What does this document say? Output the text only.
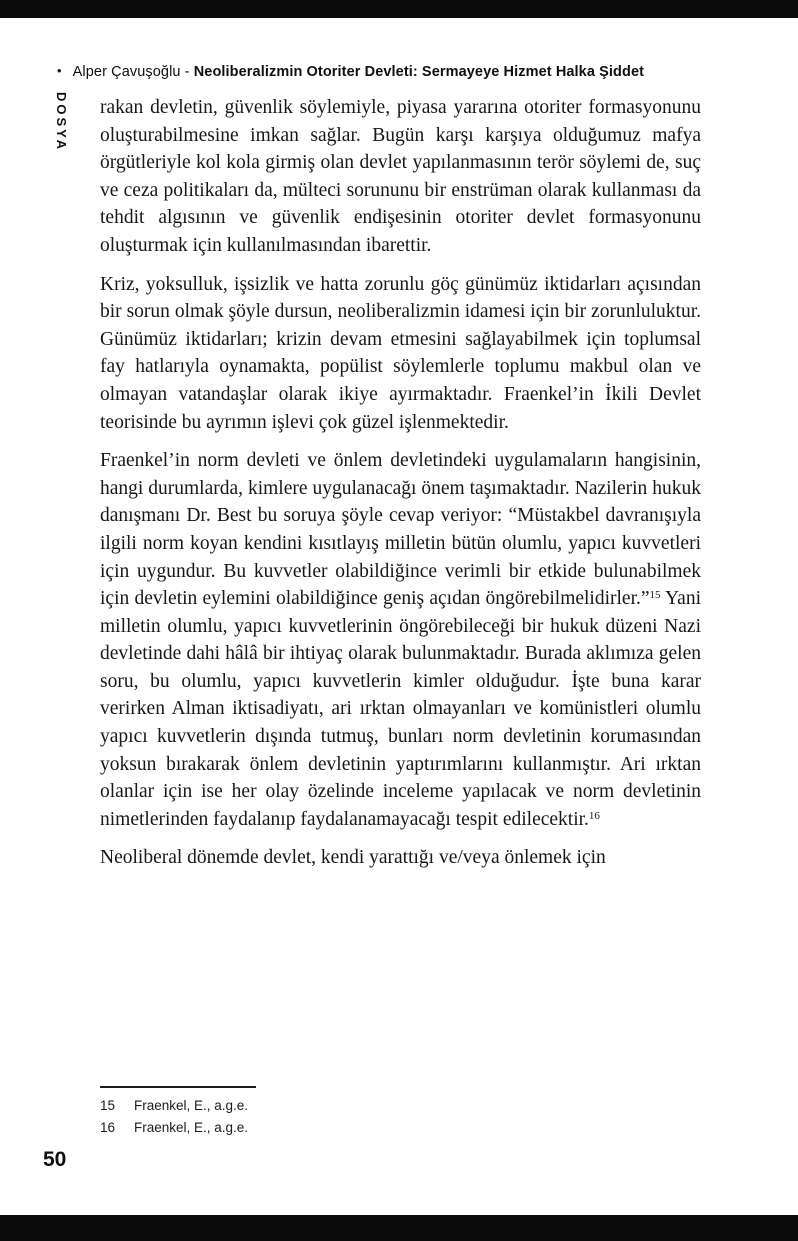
• Alper Çavuşoğlu - Neoliberalizmin Otoriter Devleti: Sermayeye Hizmet Halka Şiddet
DOSYA rakan devletin, güvenlik söylemiyle, piyasa yararına otoriter formasyonunu oluşturabilmesine imkan sağlar. Bugün karşı karşıya olduğumuz mafya örgütleriyle kol kola girmiş olan devlet yapılanmasının terör söylemi de, suç ve ceza politikaları da, mülteci sorununu bir enstrüman olarak kullanması da tehdit algısının ve güvenlik endişesinin otoriter devlet formasyonunu oluşturmak için kullanılmasından ibarettir.

Kriz, yoksulluk, işsizlik ve hatta zorunlu göç günümüz iktidarları açısından bir sorun olmak şöyle dursun, neoliberalizmin idamesi için bir zorunluluktur. Günümüz iktidarları; krizin devam etmesini sağlayabilmek için toplumsal fay hatlarıyla oynamakta, popülist söylemlerle toplumu makbul olan ve olmayan vatandaşlar olarak ikiye ayırmaktadır. Fraenkel’in İkili Devlet teorisinde bu ayrımın işlevi çok güzel işlenmektedir.

Fraenkel’in norm devleti ve önlem devletindeki uygulamaların hangisinin, hangi durumlarda, kimlere uygulanacağı önem taşımaktadır. Nazilerin hukuk danışmanı Dr. Best bu soruya şöyle cevap veriyor: “Müstakbel davranışıyla ilgili norm koyan kendini kısıtlayış milletin bütün olumlu, yapıcı kuvvetleri için uygundur. Bu kuvvetler olabildiğince verimli bir etkide bulunabilmek için devletin eylemini olabildiğince geniş açıdan öngörebilmelidirler.”$^{15}$ Yani milletin olumlu, yapıcı kuvvetlerinin öngörebileceği bir hukuk düzeni Nazi devletinde dahi hâlâ bir ihtiyaç olarak bulunmaktadır. Burada aklımıza gelen soru, bu olumlu, yapıcı kuvvetlerin kimler olduğudur. İşte buna karar verirken Alman iktisadiyatı, ari ırktan olmayanları ve komünistleri olumlu yapıcı kuvvetlerin dışında tutmuş, bunları norm devletinin korumasından yoksun bırakarak önlem devletinin yaptırımlarını kullanmıştır. Ari ırktan olanlar için ise her olay özelinde inceleme yapılacak ve norm devletinin nimetlerinden faydalanıp faydalanamayacağı tespit edilecektir.$^{16}$

Neoliberal dönemde devlet, kendi yarattığı ve/veya önlemek için

15 Fraenkel, E., a.g.e.
16 Fraenkel, E., a.g.e.
50
